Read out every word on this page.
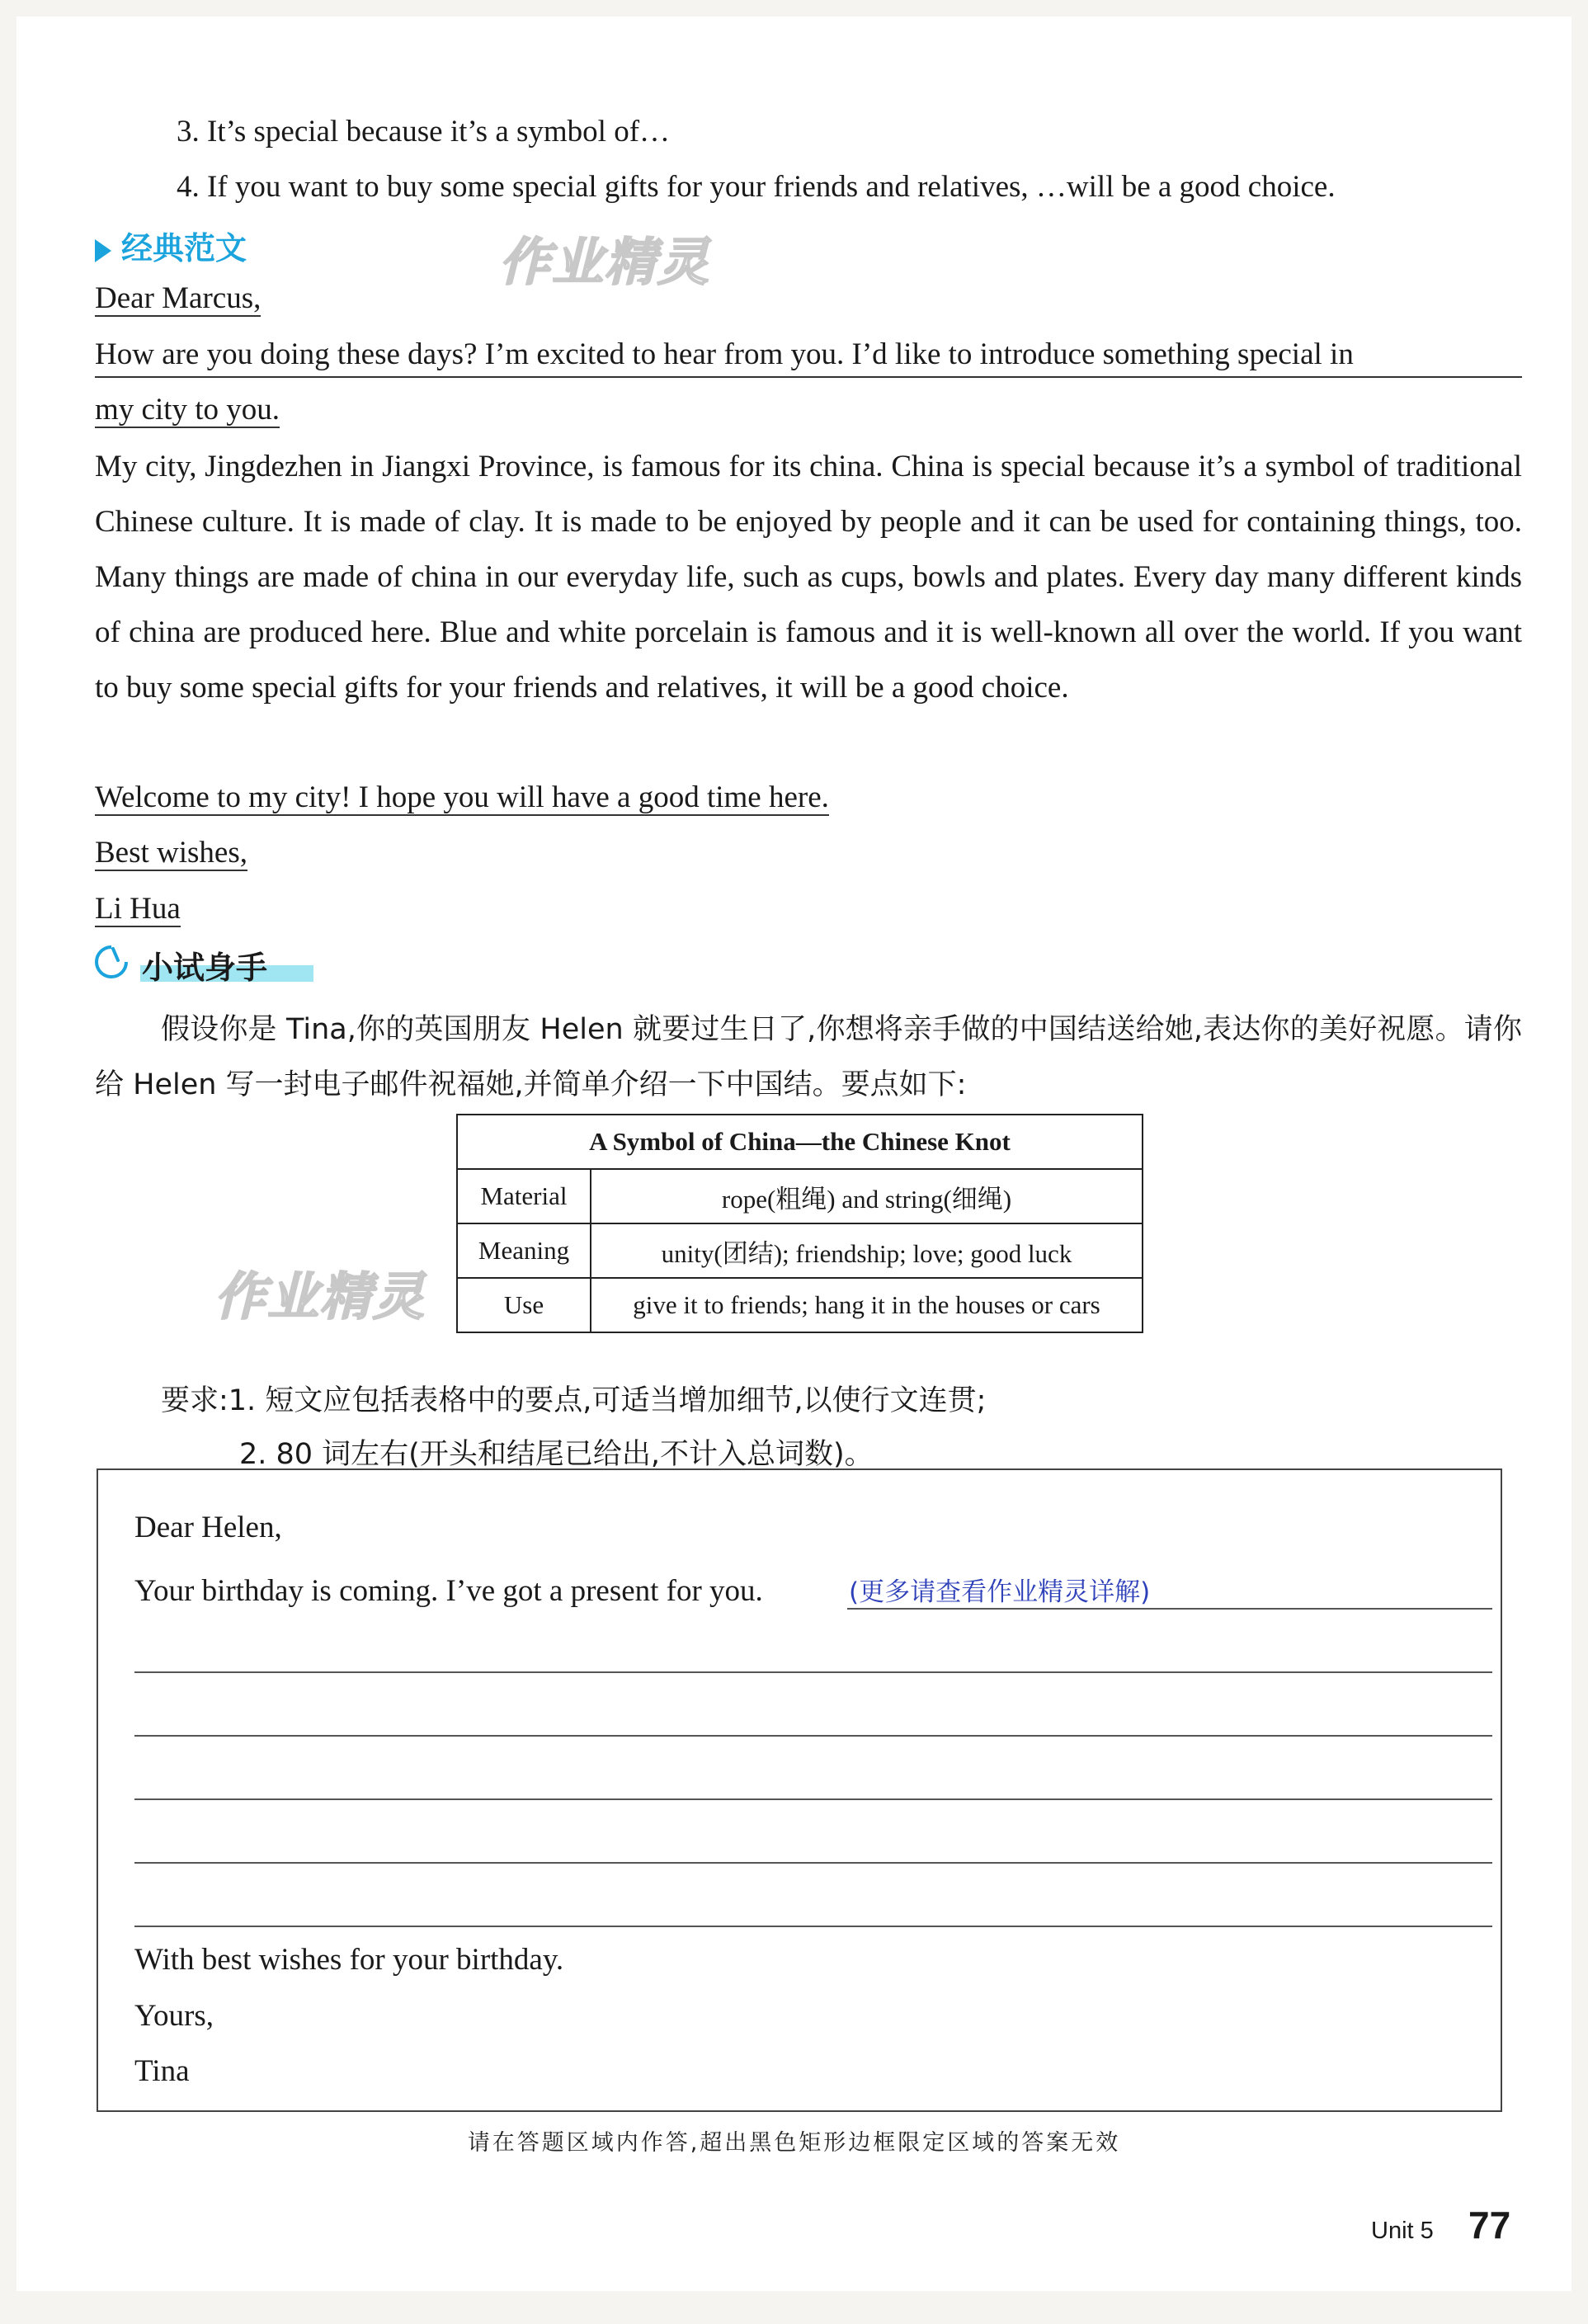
3. It’s special because it’s a symbol of…
4. If you want to buy some special gifts for your friends and relatives, …will be a good choice.
经典范文	作业精灵
Dear Marcus,
How are you doing these days? I’m excited to hear from you. I’d like to introduce something special in
my city to you.
My city, Jingdezhen in Jiangxi Province, is famous for its china. China is special because it’s a symbol of traditional Chinese culture. It is made of clay. It is made to be enjoyed by people and it can be used for containing things, too. Many things are made of china in our everyday life, such as cups, bowls and plates. Every day many different kinds of china are produced here. Blue and white porcelain is famous and it is well-known all over the world. If you want to buy some special gifts for your friends and relatives, it will be a good choice.
Welcome to my city! I hope you will have a good time here.
Best wishes,
Li Hua
小试身手
假设你是 Tina,你的英国朋友 Helen 就要过生日了,你想将亲手做的中国结送给她,表达你的美好祝愿。请你给 Helen 写一封电子邮件祝福她,并简单介绍一下中国结。要点如下:
A Symbol of China—the Chinese Knot	
Material	rope(粗绳) and string(细绳)
Meaning	unity(团结); friendship; love; good luck
Use	give it to friends; hang it in the houses or cars
作业精灵
要求:1. 短文应包括表格中的要点,可适当增加细节,以使行文连贯;
2. 80 词左右(开头和结尾已给出,不计入总词数)。
Dear Helen,
Your birthday is coming. I’ve got a present for you.	(更多请查看作业精灵详解)
With best wishes for your birthday.
Yours,
Tina
请在答题区域内作答,超出黑色矩形边框限定区域的答案无效
Unit 5 77
